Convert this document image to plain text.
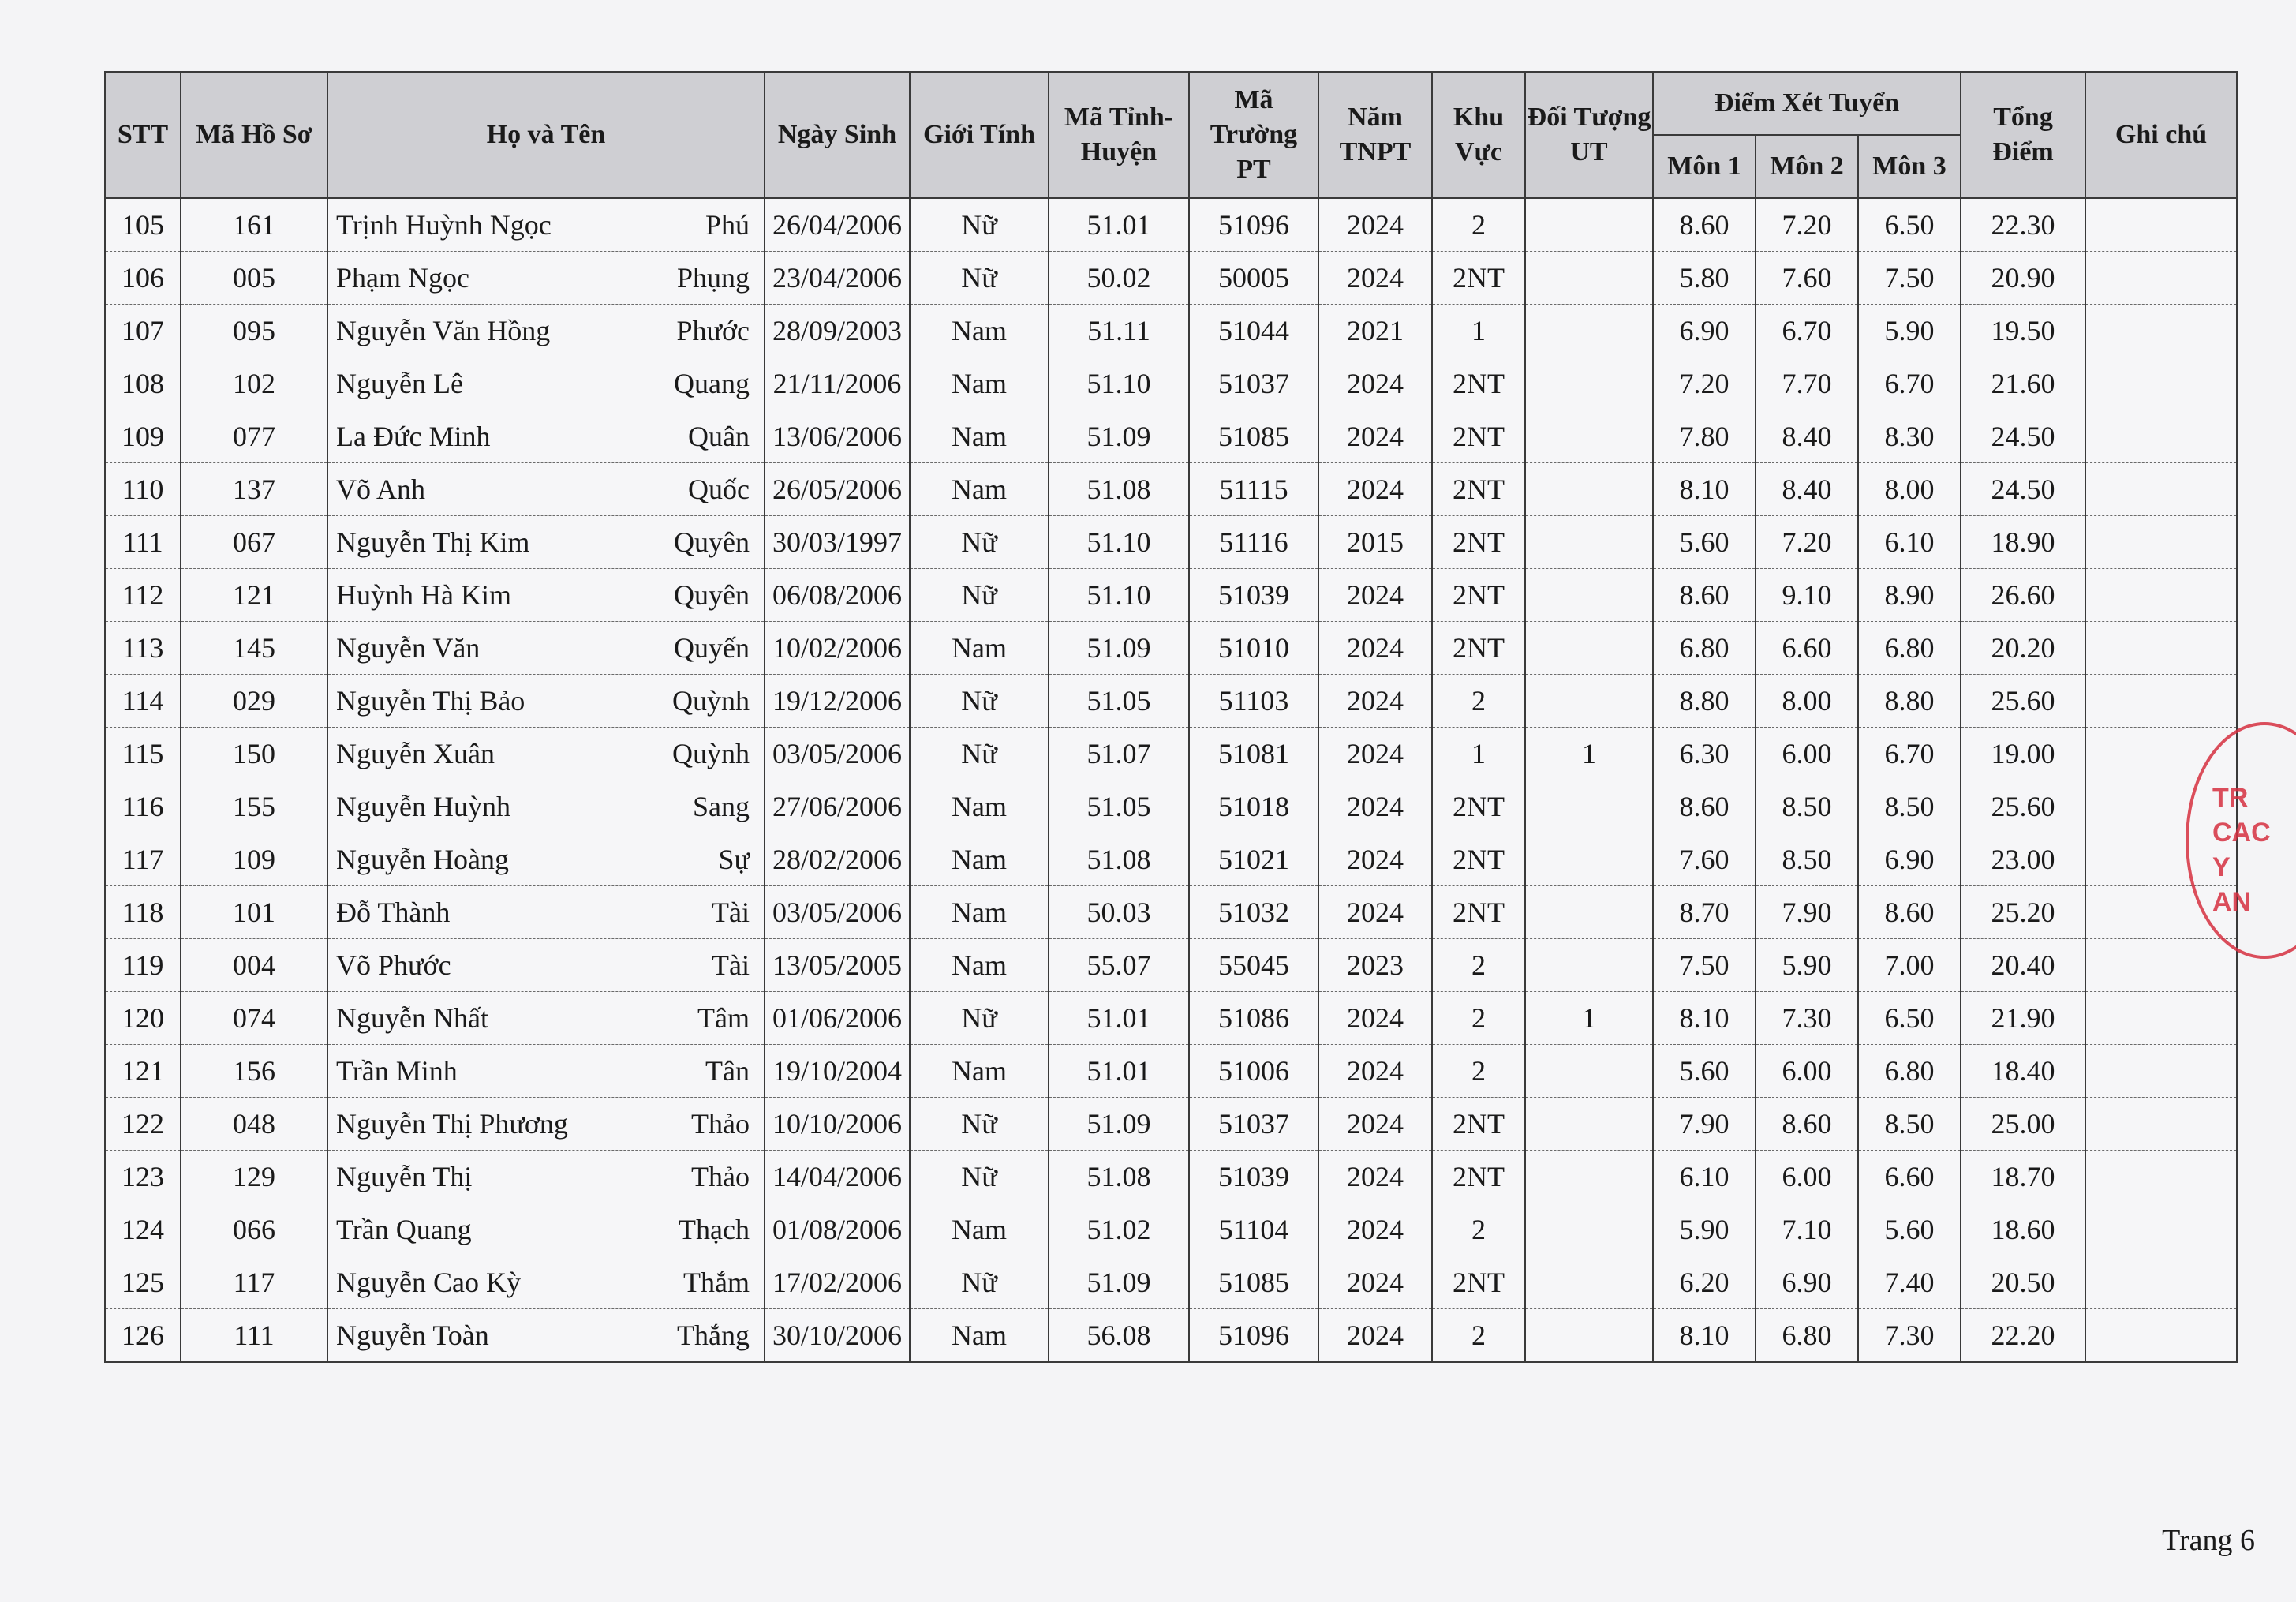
STT	Mã Hồ Sơ	Họ và Tên	Ngày Sinh	Giới Tính	Mã Tỉnh-Huyện	Mã Trường PT	Năm TNPT	Khu Vực	Đối Tượng UT	Điểm Xét Tuyển			Tổng Điểm	Ghi chú
										Môn 1	Môn 2	Môn 3		
105	161	Trịnh Huỳnh Ngọc Phú	26/04/2006	Nữ	51.01	51096	2024	2		8.60	7.20	6.50	22.30	
106	005	Phạm Ngọc Phụng	23/04/2006	Nữ	50.02	50005	2024	2NT		5.80	7.60	7.50	20.90	
107	095	Nguyễn Văn Hồng Phước	28/09/2003	Nam	51.11	51044	2021	1		6.90	6.70	5.90	19.50	
108	102	Nguyễn Lê Quang	21/11/2006	Nam	51.10	51037	2024	2NT		7.20	7.70	6.70	21.60	
109	077	La Đức Minh Quân	13/06/2006	Nam	51.09	51085	2024	2NT		7.80	8.40	8.30	24.50	
110	137	Võ Anh Quốc	26/05/2006	Nam	51.08	51115	2024	2NT		8.10	8.40	8.00	24.50	
111	067	Nguyễn Thị Kim Quyên	30/03/1997	Nữ	51.10	51116	2015	2NT		5.60	7.20	6.10	18.90	
112	121	Huỳnh Hà Kim Quyên	06/08/2006	Nữ	51.10	51039	2024	2NT		8.60	9.10	8.90	26.60	
113	145	Nguyễn Văn Quyến	10/02/2006	Nam	51.09	51010	2024	2NT		6.80	6.60	6.80	20.20	
114	029	Nguyễn Thị Bảo Quỳnh	19/12/2006	Nữ	51.05	51103	2024	2		8.80	8.00	8.80	25.60	
115	150	Nguyễn Xuân Quỳnh	03/05/2006	Nữ	51.07	51081	2024	1	1	6.30	6.00	6.70	19.00	
116	155	Nguyễn Huỳnh Sang	27/06/2006	Nam	51.05	51018	2024	2NT		8.60	8.50	8.50	25.60	
117	109	Nguyễn Hoàng Sự	28/02/2006	Nam	51.08	51021	2024	2NT		7.60	8.50	6.90	23.00	
118	101	Đỗ Thành Tài	03/05/2006	Nam	50.03	51032	2024	2NT		8.70	7.90	8.60	25.20	
119	004	Võ Phước Tài	13/05/2005	Nam	55.07	55045	2023	2		7.50	5.90	7.00	20.40	
120	074	Nguyễn Nhất Tâm	01/06/2006	Nữ	51.01	51086	2024	2	1	8.10	7.30	6.50	21.90	
121	156	Trần Minh Tân	19/10/2004	Nam	51.01	51006	2024	2		5.60	6.00	6.80	18.40	
122	048	Nguyễn Thị Phương Thảo	10/10/2006	Nữ	51.09	51037	2024	2NT		7.90	8.60	8.50	25.00	
123	129	Nguyễn Thị Thảo	14/04/2006	Nữ	51.08	51039	2024	2NT		6.10	6.00	6.60	18.70	
124	066	Trần Quang Thạch	01/08/2006	Nam	51.02	51104	2024	2		5.90	7.10	5.60	18.60	
125	117	Nguyễn Cao Kỳ Thắm	17/02/2006	Nữ	51.09	51085	2024	2NT		6.20	6.90	7.40	20.50	
126	111	Nguyễn Toàn Thắng	30/10/2006	Nam	56.08	51096	2024	2		8.10	6.80	7.30	22.20	
TR
CAC
Y
AN
Trang 6
